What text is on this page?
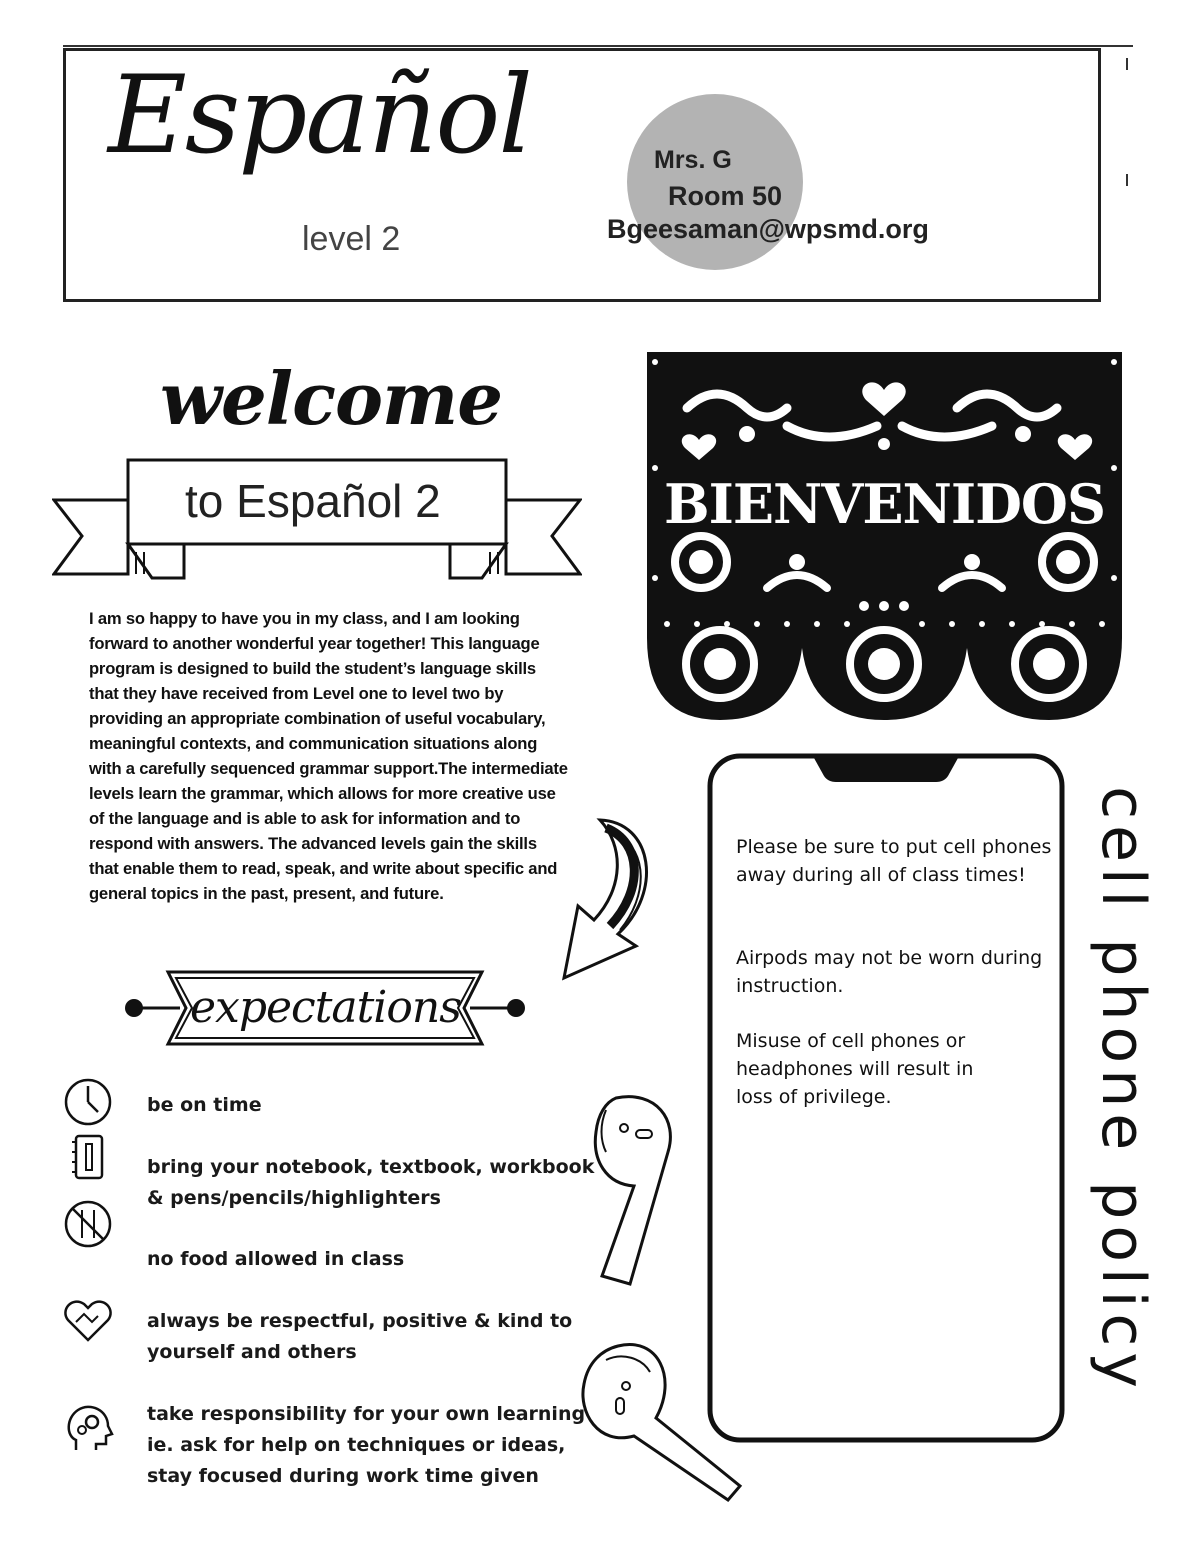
Español
level 2
Mrs. G
Room 50
Bgeesaman@wpsmd.org
welcome
to Español 2
I am so happy to have you in my class, and I am looking forward to another wonderful year together! This language program is designed to build the student’s language skills that they have received from Level one to level two by providing an appropriate combination of useful vocabulary, meaningful contexts, and communication situations along with a carefully sequenced grammar support.The intermediate levels learn the grammar, which allows for more creative use of the language and is able to ask for information and to respond with answers. The advanced levels gain the skills that enable them to read, speak, and write about specific and general topics in the past, present, and future.
BIENVENIDOS
expectations
be on time
bring your notebook, textbook, workbook & pens/pencils/highlighters
no food allowed in class
always be respectful, positive & kind to yourself and others
take responsibility for your own learning ie. ask for help on techniques or ideas, stay focused during work time given
Please be sure to put cell phones away during all of class times!
Airpods may not be worn during instruction.
Misuse of cell phones or headphones will result in loss of privilege.	cell phone policy
